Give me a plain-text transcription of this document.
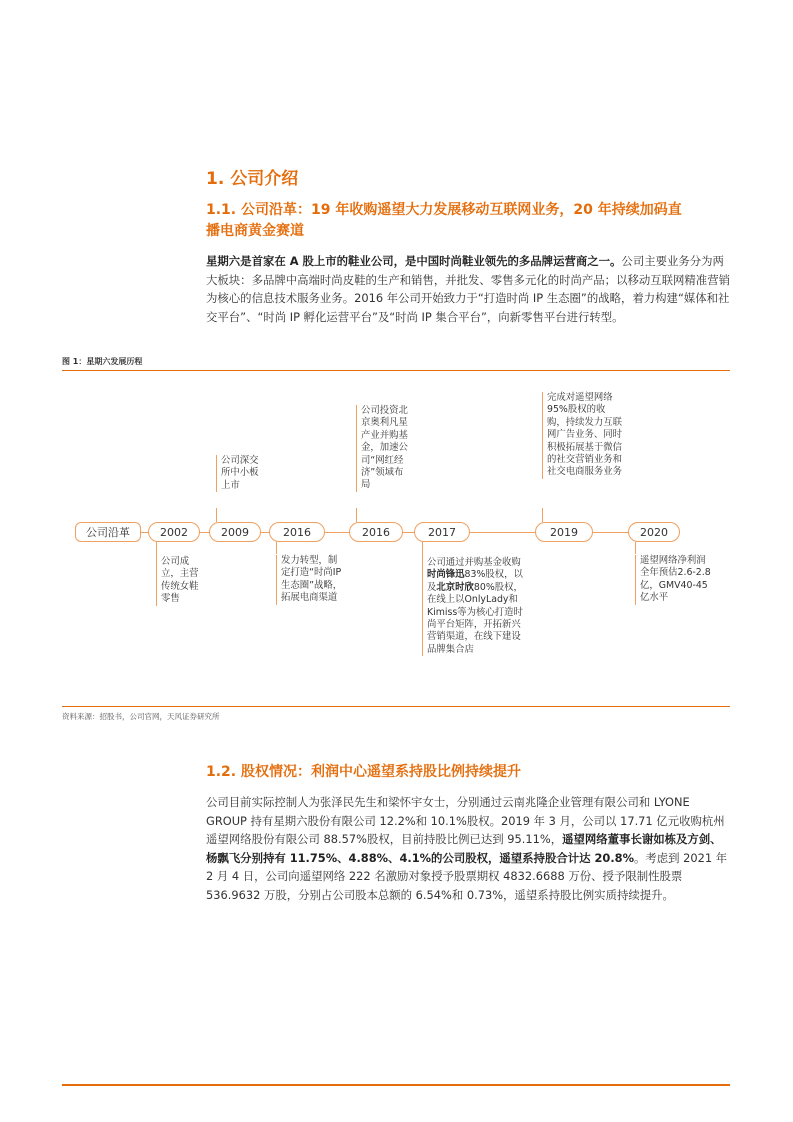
1. 公司介绍
1.1. 公司沿革：19 年收购遥望大力发展移动互联网业务，20 年持续加码直
播电商黄金赛道
星期六是首家在 A 股上市的鞋业公司，是中国时尚鞋业领先的多品牌运营商之一。公司主要业务分为两大板块：多品牌中高端时尚皮鞋的生产和销售，并批发、零售多元化的时尚产品；以移动互联网精准营销为核心的信息技术服务业务。2016 年公司开始致力于“打造时尚 IP 生态圈”的战略，着力构建“媒体和社交平台”、“时尚 IP 孵化运营平台”及“时尚 IP 集合平台”，向新零售平台进行转型。
图 1：星期六发展历程
公司沿革	2002	2009	2016	2016	2017	2019	2020
公司成立，主营传统女鞋零售
公司深交所中小板上市
发力转型，制定打造“时尚IP生态圈”战略，拓展电商渠道
公司投资北京奥利凡星产业并购基金，加速公司“网红经济”领域布局
公司通过并购基金收购时尚锋迅83%股权，以及北京时欣80%股权，在线上以OnlyLady和Kimiss等为核心打造时尚平台矩阵，开拓新兴营销渠道，在线下建设品牌集合店
完成对遥望网络95%股权的收购，持续发力互联网广告业务、同时积极拓展基于微信的社交营销业务和社交电商服务业务
遥望网络净利润全年预估2.6-2.8亿，GMV40-45亿水平
资料来源：招股书，公司官网，天风证券研究所
1.2. 股权情况：利润中心遥望系持股比例持续提升
公司目前实际控制人为张泽民先生和梁怀宇女士，分别通过云南兆隆企业管理有限公司和 LYONE GROUP 持有星期六股份有限公司 12.2%和 10.1%股权。2019 年 3 月，公司以 17.71 亿元收购杭州遥望网络股份有限公司 88.57%股权，目前持股比例已达到 95.11%，遥望网络董事长谢如栋及方剑、杨飘飞分别持有 11.75%、4.88%、4.1%的公司股权，遥望系持股合计达 20.8%。考虑到 2021 年 2 月 4 日，公司向遥望网络 222 名激励对象授予股票期权 4832.6688 万份、授予限制性股票 536.9632 万股，分别占公司股本总额的 6.54%和 0.73%，遥望系持股比例实质持续提升。
